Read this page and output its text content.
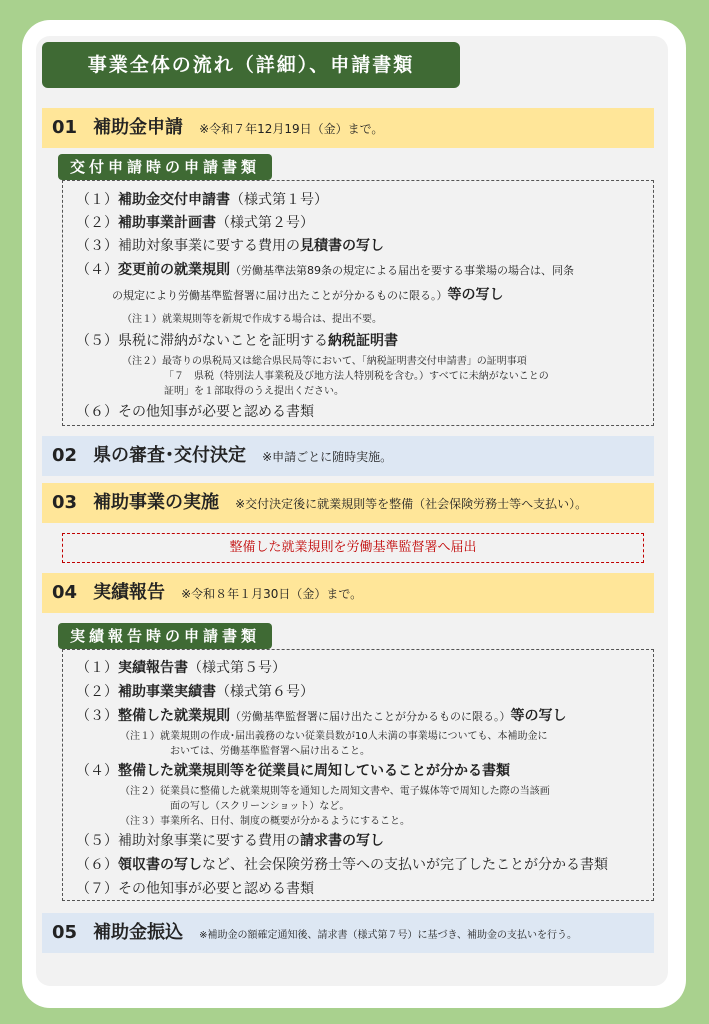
事業全体の流れ（詳細）、申請書類
01 補助金申請 ※令和７年12月19日（金）まで。
交付申請時の申請書類
（１）補助金交付申請書（様式第１号）
（２）補助事業計画書（様式第２号）
（３）補助対象事業に要する費用の見積書の写し
（４）変更前の就業規則（労働基準法第89条の規定による届出を要する事業場の場合は、同条
の規定により労働基準監督署に届け出たことが分かるものに限る。）等の写し
（注１）就業規則等を新規で作成する場合は、提出不要。
（５）県税に滞納がないことを証明する納税証明書
（注２）最寄りの県税局又は総合県民局等において、「納税証明書交付申請書」の証明事項
「７　県税（特別法人事業税及び地方法人特別税を含む。）すべてに未納がないことの
証明」を１部取得のうえ提出ください。
（６）その他知事が必要と認める書類
02 県の審査･交付決定 ※申請ごとに随時実施。
03 補助事業の実施 ※交付決定後に就業規則等を整備（社会保険労務士等へ支払い）。
整備した就業規則を労働基準監督署へ届出
04 実績報告 ※令和８年１月30日（金）まで。
実績報告時の申請書類
（１）実績報告書（様式第５号）
（２）補助事業実績書（様式第６号）
（３）整備した就業規則（労働基準監督署に届け出たことが分かるものに限る。）等の写し
（注１）就業規則の作成･届出義務のない従業員数が10人未満の事業場についても、本補助金に
おいては、労働基準監督署へ届け出ること。
（４）整備した就業規則等を従業員に周知していることが分かる書類
（注２）従業員に整備した就業規則等を通知した周知文書や、電子媒体等で周知した際の当該画
面の写し（スクリーンショット）など。
（注３）事業所名、日付、制度の概要が分かるようにすること。
（５）補助対象事業に要する費用の請求書の写し
（６）領収書の写しなど、社会保険労務士等への支払いが完了したことが分かる書類
（７）その他知事が必要と認める書類
05 補助金振込 ※補助金の額確定通知後、請求書（様式第７号）に基づき、補助金の支払いを行う。
